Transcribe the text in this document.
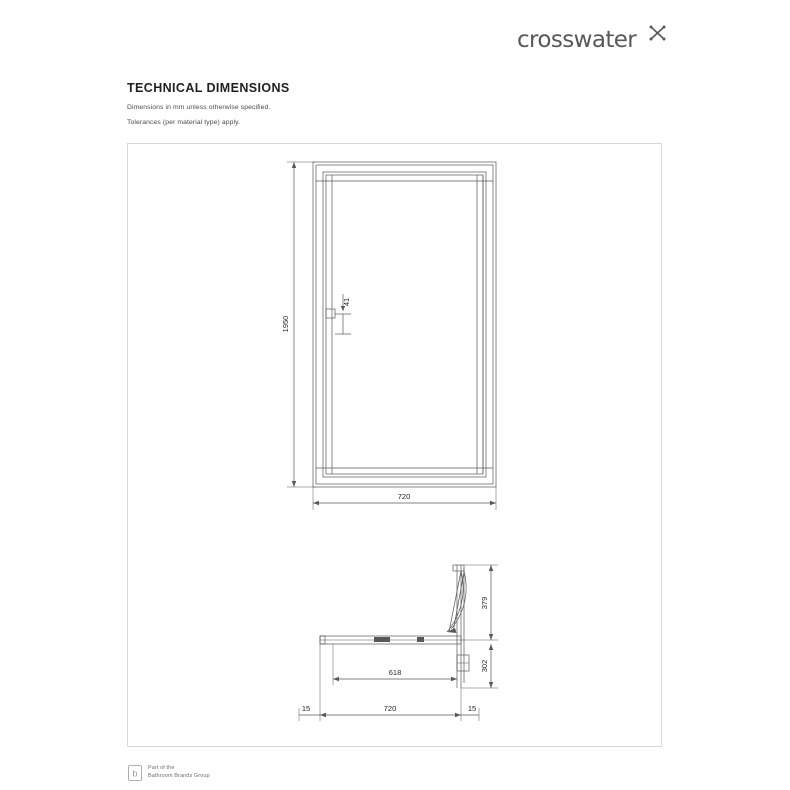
crosswater
TECHNICAL DIMENSIONS
Dimensions in mm unless otherwise specified.
Tolerances (per material type) apply.
1950
720
41
379
302
618
720
15	15
b
Part of the
Bathroom Brands Group
